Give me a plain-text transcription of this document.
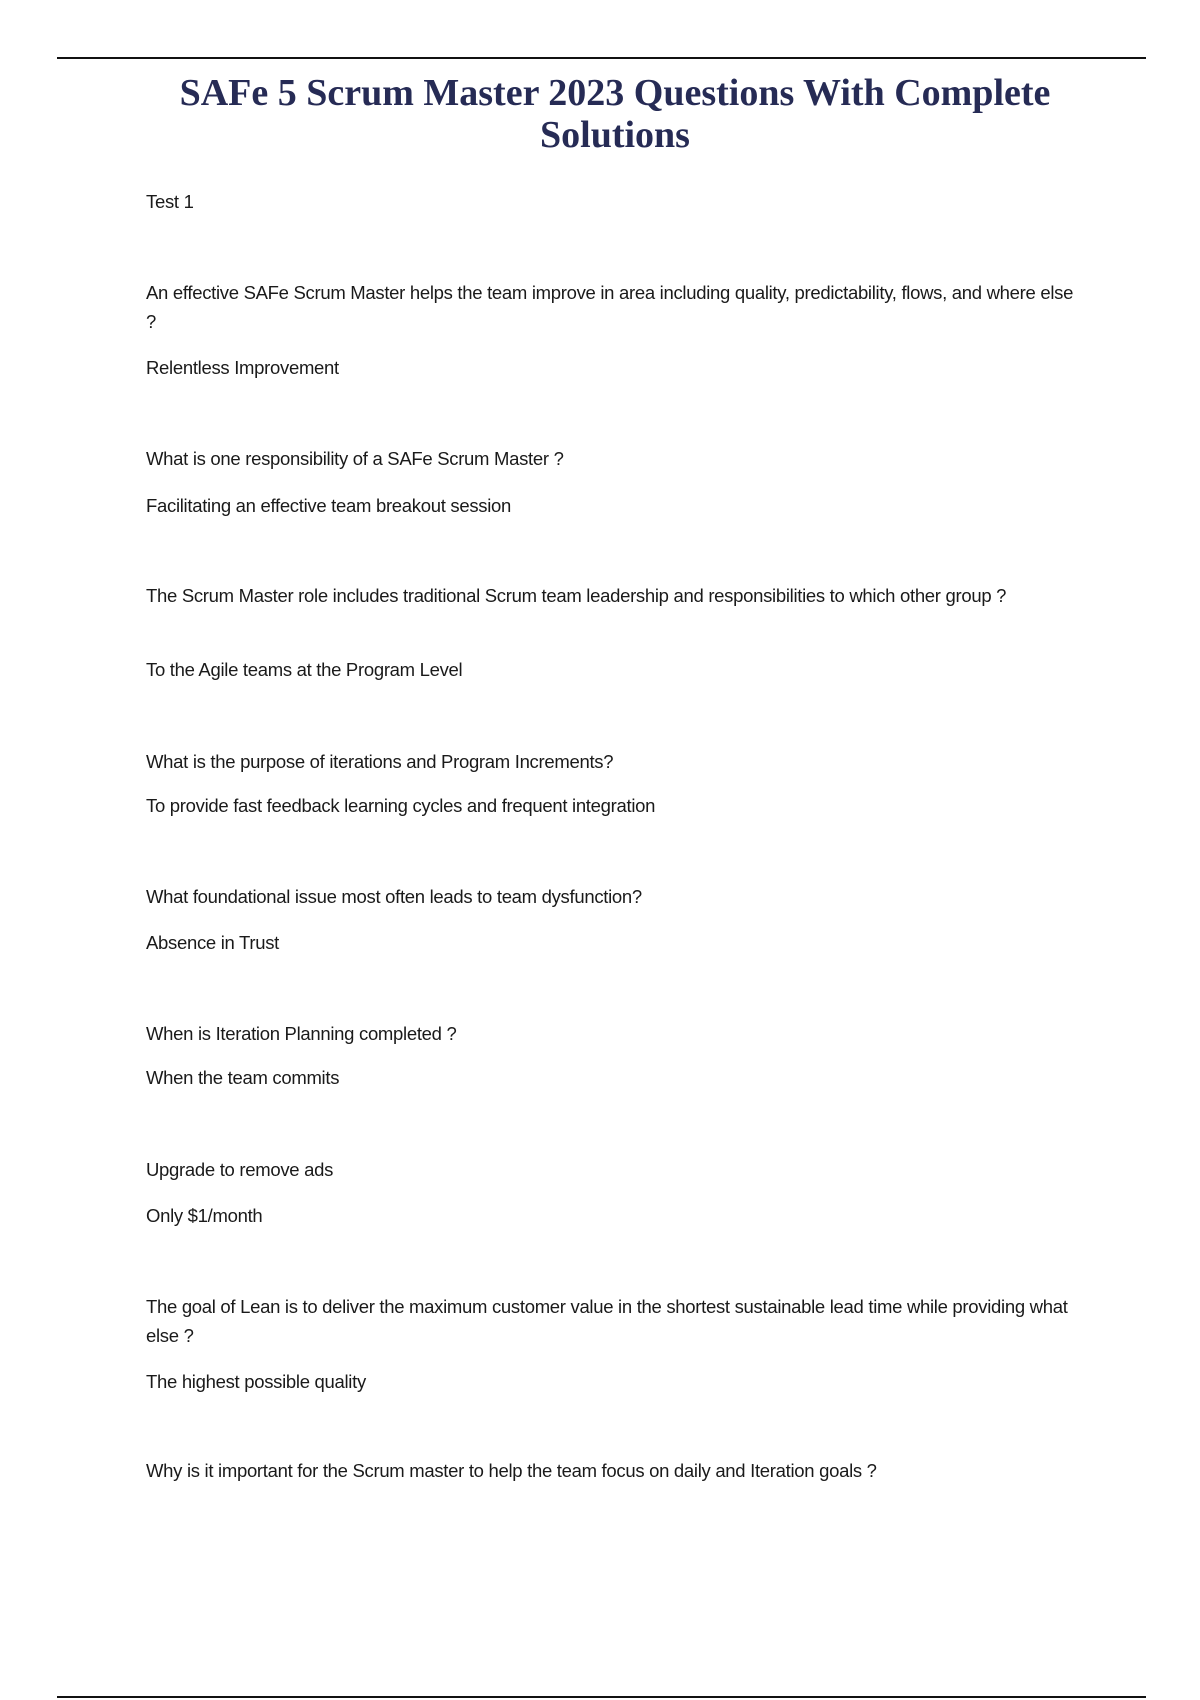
SAFe 5 Scrum Master 2023 Questions With Complete Solutions
Test 1
An effective SAFe Scrum Master helps the team improve in area including quality, predictability, flows, and where else ?
Relentless Improvement
What is one responsibility of a SAFe Scrum Master ?
Facilitating an effective team breakout session
The Scrum Master role includes traditional Scrum team leadership and responsibilities to which other group ?
To the Agile teams at the Program Level
What is the purpose of iterations and Program Increments?
To provide fast feedback learning cycles and frequent integration
What foundational issue most often leads to team dysfunction?
Absence in Trust
When is Iteration Planning completed ?
When the team commits
Upgrade to remove ads
Only $1/month
The goal of Lean is to deliver the maximum customer value in the shortest sustainable lead time while providing what else ?
The highest possible quality
Why is it important for the Scrum master to help the team focus on daily and Iteration goals ?
